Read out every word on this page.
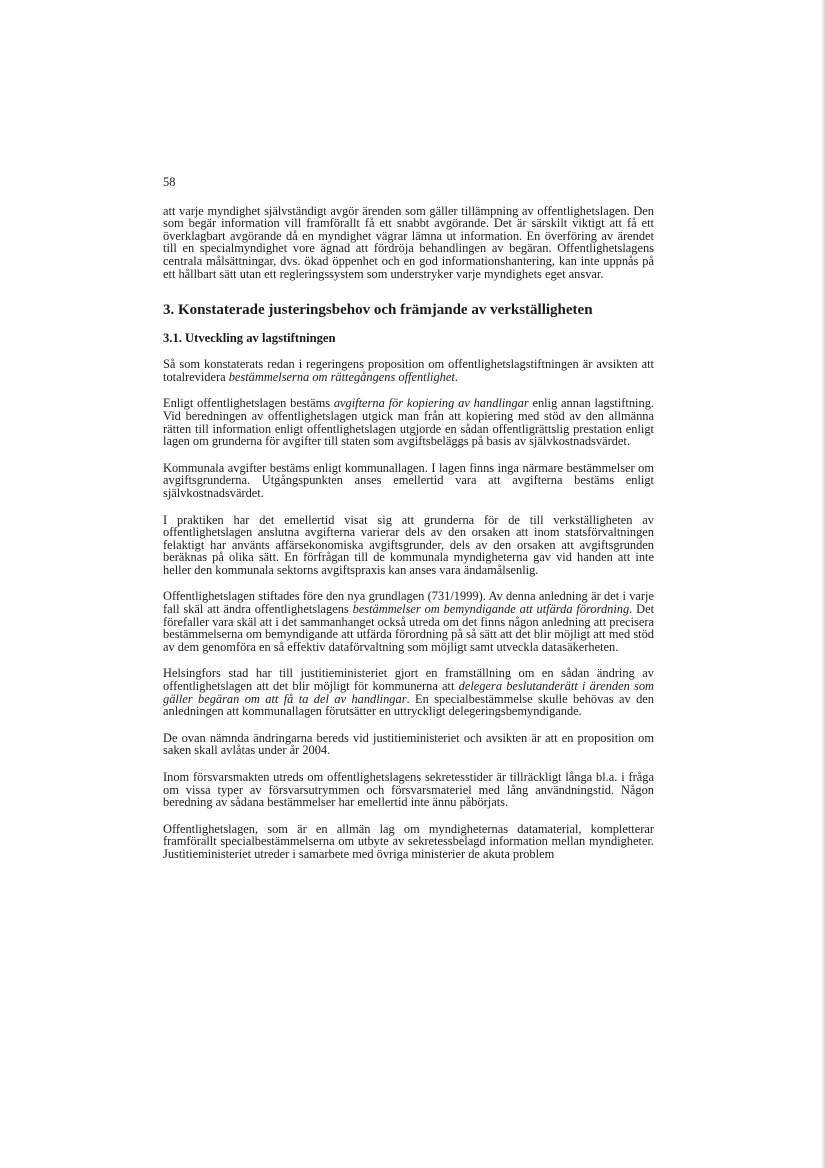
58

att varje myndighet självständigt avgör ärenden som gäller tillämpning av offentlighetslagen. Den som begär information vill framförallt få ett snabbt avgörande. Det är särskilt viktigt att få ett överklagbart avgörande då en myndighet vägrar lämna ut information. En överföring av ärendet till en specialmyndighet vore ägnad att fördröja behandlingen av begäran. Offentlighetslagens centrala målsättningar, dvs. ökad öppenhet och en god informationshantering, kan inte uppnås på ett hållbart sätt utan ett regleringssystem som understryker varje myndighets eget ansvar.

3. Konstaterade justeringsbehov och främjande av verkställigheten
3.1. Utveckling av lagstiftningen

Så som konstaterats redan i regeringens proposition om offentlighetslagstiftningen är avsikten att totalrevidera bestämmelserna om rättegångens offentlighet.

Enligt offentlighetslagen bestäms avgifterna för kopiering av handlingar enlig annan lagstiftning. Vid beredningen av offentlighetslagen utgick man från att kopiering med stöd av den allmänna rätten till information enligt offentlighetslagen utgjorde en sådan offentligrättslig prestation enligt lagen om grunderna för avgifter till staten som avgiftsbeläggs på basis av självkostnadsvärdet.

Kommunala avgifter bestäms enligt kommunallagen. I lagen finns inga närmare bestämmelser om avgiftsgrunderna. Utgångspunkten anses emellertid vara att avgifterna bestäms enligt självkostnadsvärdet.

I praktiken har det emellertid visat sig att grunderna för de till verkställigheten av offentlighetslagen anslutna avgifterna varierar dels av den orsaken att inom statsförvaltningen felaktigt har använts affärsekonomiska avgiftsgrunder, dels av den orsaken att avgiftsgrunden beräknas på olika sätt. En förfrågan till de kommunala myndigheterna gav vid handen att inte heller den kommunala sektorns avgiftspraxis kan anses vara ändamålsenlig.

Offentlighetslagen stiftades före den nya grundlagen (731/1999). Av denna anledning är det i varje fall skäl att ändra offentlighetslagens bestämmelser om bemyndigande att utfärda förordning. Det förefaller vara skäl att i det sammanhanget också utreda om det finns någon anledning att precisera bestämmelserna om bemyndigande att utfärda förordning på så sätt att det blir möjligt att med stöd av dem genomföra en så effektiv dataförvaltning som möjligt samt utveckla datasäkerheten.

Helsingfors stad har till justitieministeriet gjort en framställning om en sådan ändring av offentlighetslagen att det blir möjligt för kommunerna att delegera beslutanderätt i ärenden som gäller begäran om att få ta del av handlingar. En specialbestämmelse skulle behövas av den anledningen att kommunallagen förutsätter en uttryckligt delegeringsbemyndigande.

De ovan nämnda ändringarna bereds vid justitieministeriet och avsikten är att en proposition om saken skall avlåtas under år 2004.

Inom försvarsmakten utreds om offentlighetslagens sekretesstider är tillräckligt långa bl.a. i fråga om vissa typer av försvarsutrymmen och försvarsmateriel med lång användningstid. Någon beredning av sådana bestämmelser har emellertid inte ännu påbörjats.

Offentlighetslagen, som är en allmän lag om myndigheternas datamaterial, kompletterar framförallt specialbestämmelserna om utbyte av sekretessbelagd information mellan myndigheter. Justitieministeriet utreder i samarbete med övriga ministerier de akuta problem
